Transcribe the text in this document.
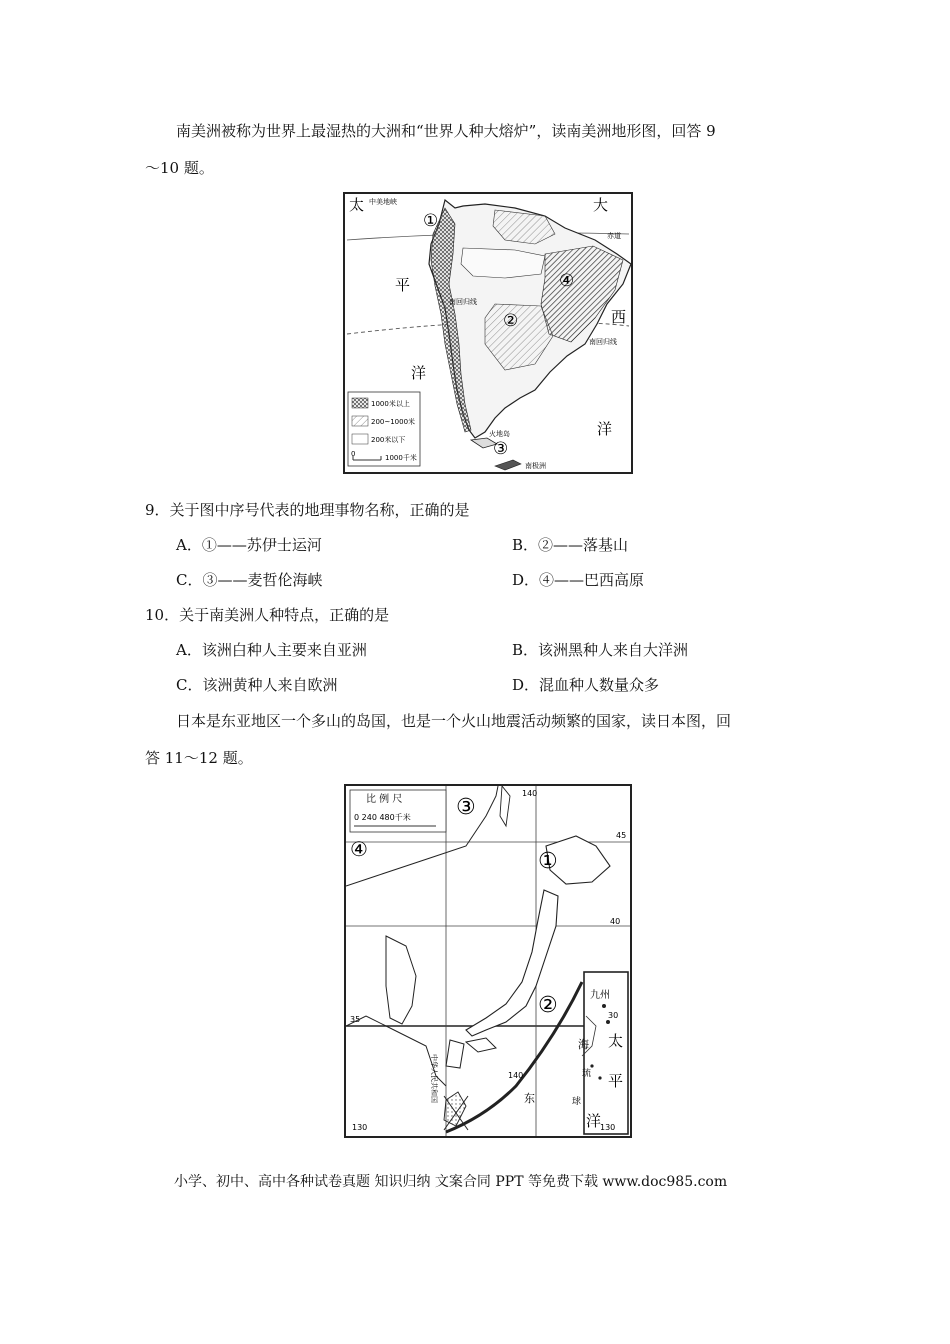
南美洲被称为世界上最湿热的大洲和“世界人种大熔炉”，读南美洲地形图，回答 9
～10 题。
太
平
洋
大
西
洋
中美地峡
赤道
南回归线
南回归线
火地岛
南极洲
①
②
③
④
1000米以上
200~1000米
200米以下
0	1000千米
9．关于图中序号代表的地理事物名称，正确的是
A．①——苏伊士运河	B．②——落基山
C．③——麦哲伦海峡	D．④——巴西高原
10．关于南美洲人种特点，正确的是
A．该洲白种人主要来自亚洲	B．该洲黑种人来自大洋洲
C．该洲黄种人来自欧洲	D．混血种人数量众多
日本是东亚地区一个多山的岛国，也是一个火山地震活动频繁的国家，读日本图，回
答 11～12 题。
比 例 尺
0 240 480千米
45
40
35	30
140
140
130	130
①
②
③
④
九州
太
平
洋
东
海
琉
球
中华人民共和国
小学、初中、高中各种试卷真题 知识归纳 文案合同 PPT 等免费下载 www.doc985.com
